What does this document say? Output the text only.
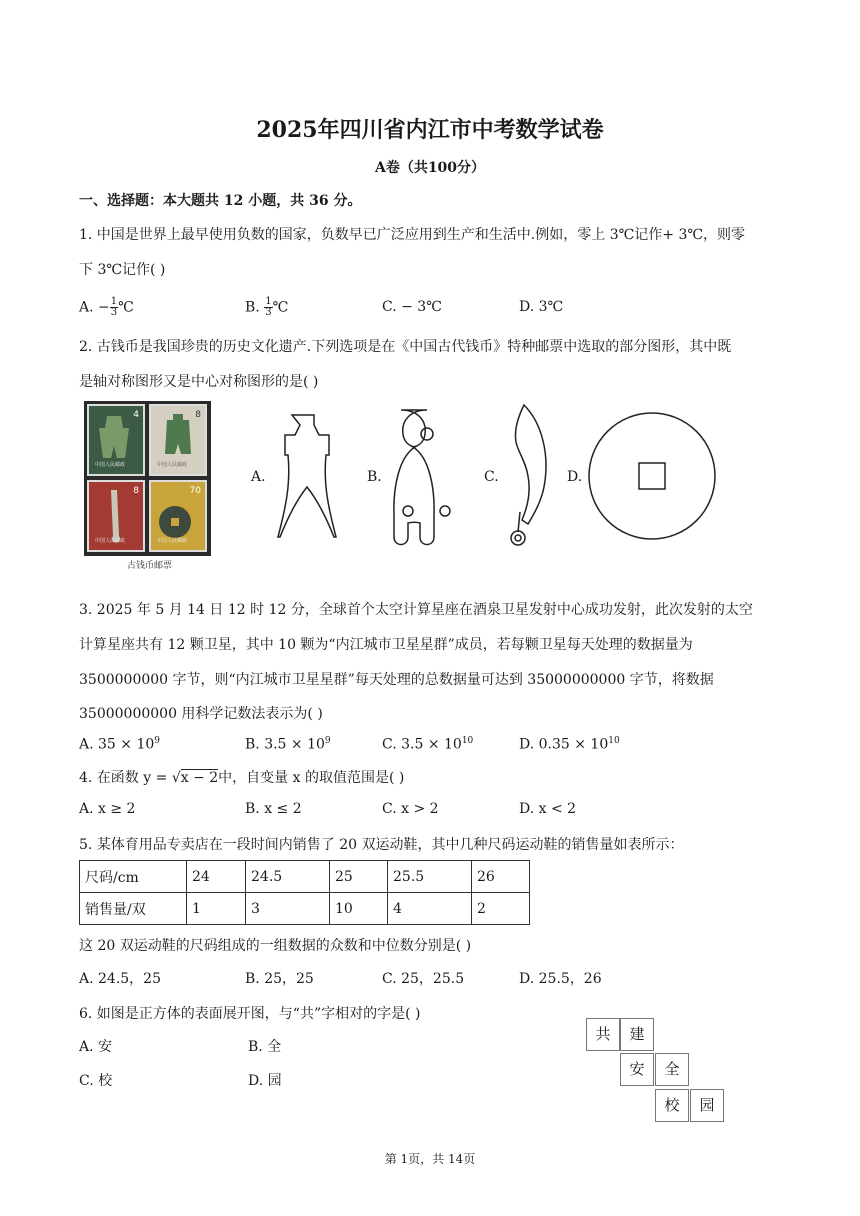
2025年四川省内江市中考数学试卷
A卷（共100分）
一、选择题：本大题共 12 小题，共 36 分。
1. 中国是世界上最早使用负数的国家，负数早已广泛应用到生产和生活中.例如，零上 3℃记作+ 3℃，则零
下 3℃记作( )
A. − $\frac{1}{3}$ ℃	B. $\frac{1}{3}$ ℃	C. − 3℃	D. 3℃
2. 古钱币是我国珍贵的历史文化遗产.下列选项是在《中国古代钱币》特种邮票中选取的部分图形，其中既
是轴对称图形又是中心对称图形的是( )
4
中国人民邮政
8
中国人民邮政
8
中国人民邮政
70
中国人民邮政
古钱币邮票
A.	B.	C.	D.
3. 2025 年 5 月 14 日 12 时 12 分，全球首个太空计算星座在酒泉卫星发射中心成功发射，此次发射的太空
计算星座共有 12 颗卫星，其中 10 颗为“内江城市卫星星群”成员，若每颗卫星每天处理的数据量为
3500000000 字节，则“内江城市卫星星群”每天处理的总数据量可达到 35000000000 字节，将数据
35000000000 用科学记数法表示为( )
A. $35 \times 10^9$	B. $3.5 \times 10^9$	C. $3.5 \times 10^{10}$	D. $0.35 \times 10^{10}$
4. 在函数 y = √x − 2中，自变量 x 的取值范围是( )
A. x ≥ 2	B. x ≤ 2	C. x > 2	D. x < 2
5. 某体育用品专卖店在一段时间内销售了 20 双运动鞋，其中几种尺码运动鞋的销售量如表所示：
尺码/cm	24	24.5	25	25.5	26
销售量/双	1	3	10	4	2
这 20 双运动鞋的尺码组成的一组数据的众数和中位数分别是( )
A. 24.5，25	B. 25，25	C. 25，25.5	D. 25.5，26
6. 如图是正方体的表面展开图，与“共”字相对的字是( )
A. 安	B. 全
C. 校	D. 园
共	建
安	全
校	园
第 1页，共 14页
